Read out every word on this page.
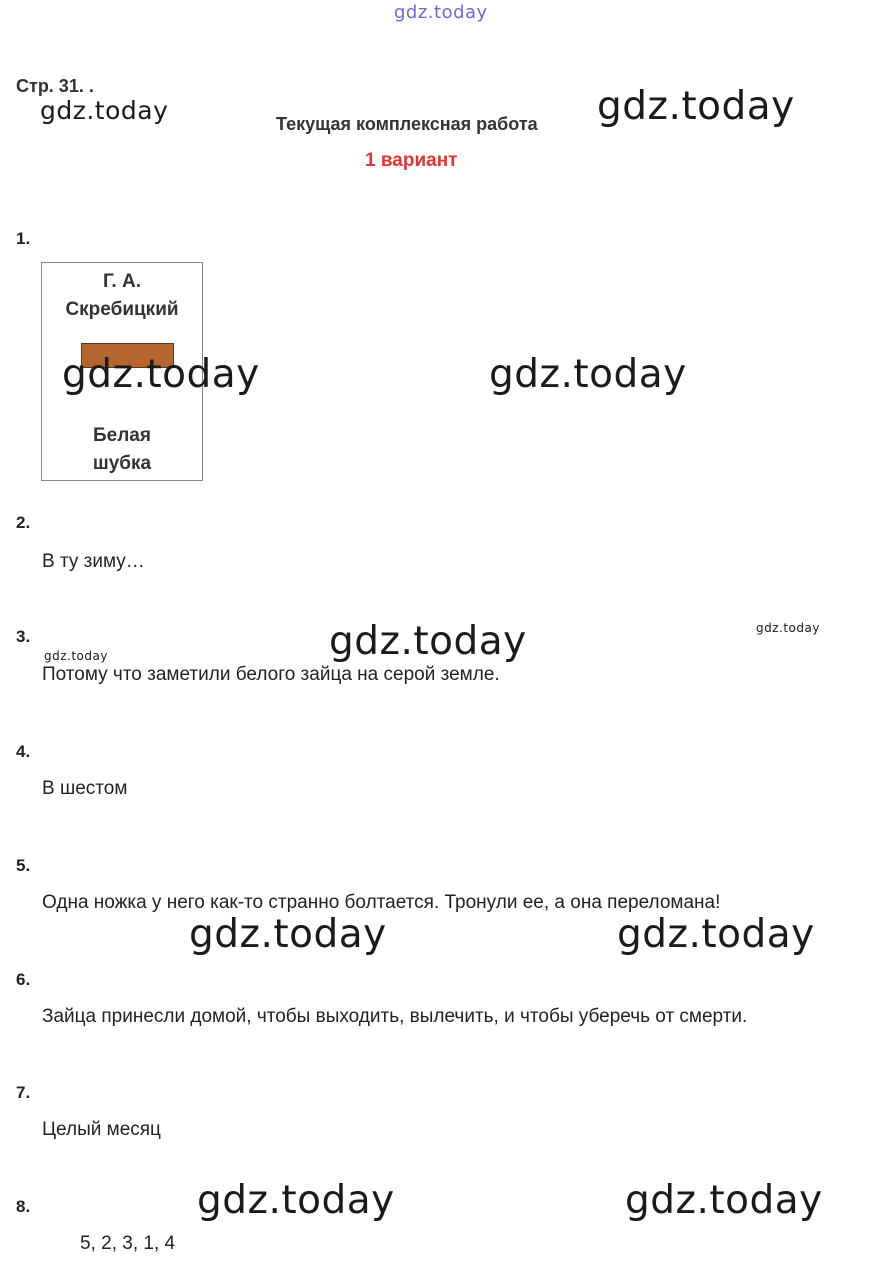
gdz.today
Стр. 31. .
gdz.today	Текущая комплексная работа gdz.today
1 вариант
1.
Г. А.
Скребицкий
Белая
шубка
gdz.today	gdz.today
2.
В ту зиму…
3.
gdz.today	gdz.today	gdz.today
Потому что заметили белого зайца на серой земле.
4.
В шестом
5.
Одна ножка у него как-то странно болтается. Тронули ее, а она переломана!
gdz.today	gdz.today
6.
Зайца принесли домой, чтобы выходить, вылечить, и чтобы уберечь от смерти.
7.
Целый месяц
8.	gdz.today	gdz.today
5, 2, 3, 1, 4
